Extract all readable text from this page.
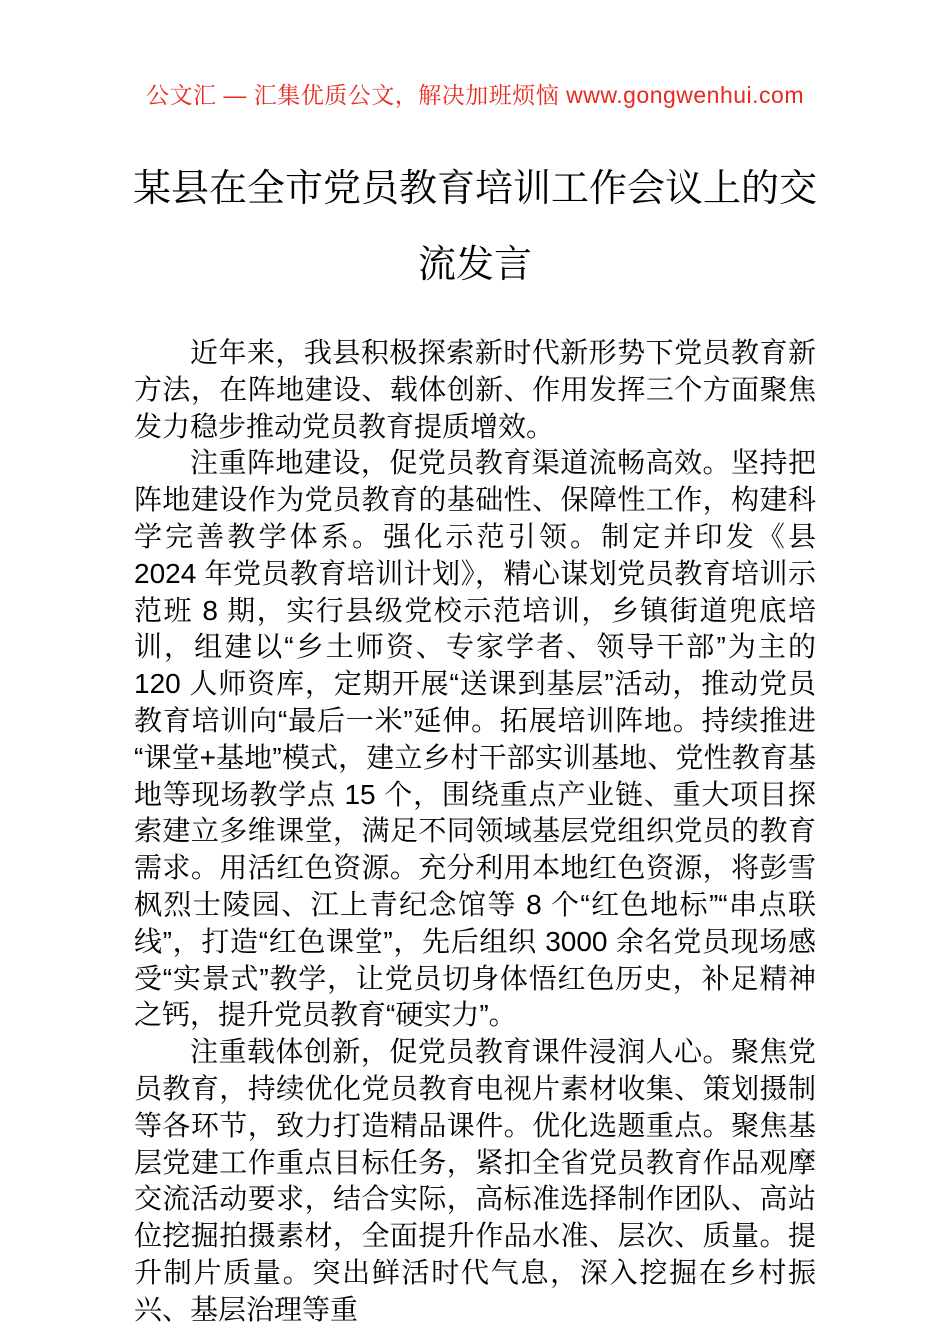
公文汇 — 汇集优质公文，解决加班烦恼 www.gongwenhui.com
某县在全市党员教育培训工作会议上的交流发言

近年来，我县积极探索新时代新形势下党员教育新方法，在阵地建设、载体创新、作用发挥三个方面聚焦发力稳步推动党员教育提质增效。

注重阵地建设，促党员教育渠道流畅高效。坚持把阵地建设作为党员教育的基础性、保障性工作，构建科学完善教学体系。强化示范引领。制定并印发《县 2024 年党员教育培训计划》，精心谋划党员教育培训示范班 8 期，实行县级党校示范培训，乡镇街道兜底培训，组建以“乡土师资、专家学者、领导干部”为主的 120 人师资库，定期开展“送课到基层”活动，推动党员教育培训向“最后一米”延伸。拓展培训阵地。持续推进“课堂+基地”模式，建立乡村干部实训基地、党性教育基地等现场教学点 15 个，围绕重点产业链、重大项目探索建立多维课堂，满足不同领域基层党组织党员的教育需求。用活红色资源。充分利用本地红色资源，将彭雪枫烈士陵园、江上青纪念馆等 8 个“红色地标”“串点联线”，打造“红色课堂”，先后组织 3000 余名党员现场感受“实景式”教学，让党员切身体悟红色历史，补足精神之钙，提升党员教育“硬实力”。

注重载体创新，促党员教育课件浸润人心。聚焦党员教育，持续优化党员教育电视片素材收集、策划摄制等各环节，致力打造精品课件。优化选题重点。聚焦基层党建工作重点目标任务，紧扣全省党员教育作品观摩交流活动要求，结合实际，高标准选择制作团队、高站位挖掘拍摄素材，全面提升作品水准、层次、质量。提升制片质量。突出鲜活时代气息，深入挖掘在乡村振兴、基层治理等重
